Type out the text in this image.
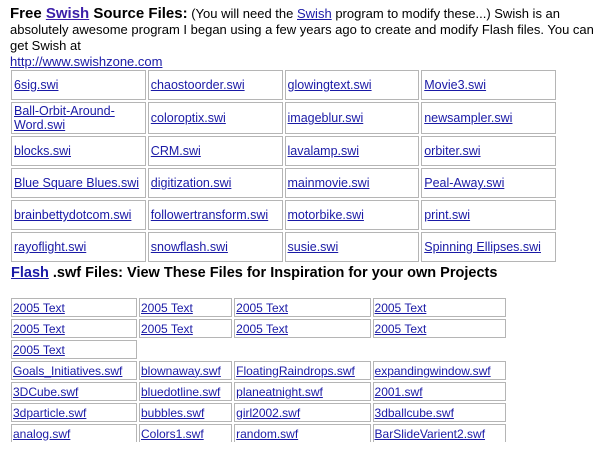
Free Swish Source Files: (You will need the Swish program to modify these...) Swish is an absolutely awesome program I began using a few years ago to create and modify Flash files. You can get Swish at
http://www.swishzone.com
6sig.swi	chaostoorder.swi	glowingtext.swi	Movie3.swi
Ball-Orbit-Around-Word.swi	coloroptix.swi	imageblur.swi	newsampler.swi
blocks.swi	CRM.swi	lavalamp.swi	orbiter.swi
Blue Square Blues.swi	digitization.swi	mainmovie.swi	Peal-Away.swi
brainbettydotcom.swi	followertransform.swi	motorbike.swi	print.swi
rayoflight.swi	snowflash.swi	susie.swi	Spinning Ellipses.swi
Flash .swf Files: View These Files for Inspiration for your own Projects
2005 Text	2005 Text	2005 Text	2005 Text
2005 Text	2005 Text	2005 Text	2005 Text
2005 Text			
Goals_Initiatives.swf	blownaway.swf	FloatingRaindrops.swf	expandingwindow.swf
3DCube.swf	bluedotline.swf	planeatnight.swf	2001.swf
3dparticle.swf	bubbles.swf	girl2002.swf	3dballcube.swf
analog.swf	Colors1.swf	random.swf	BarSlideVarient2.swf
